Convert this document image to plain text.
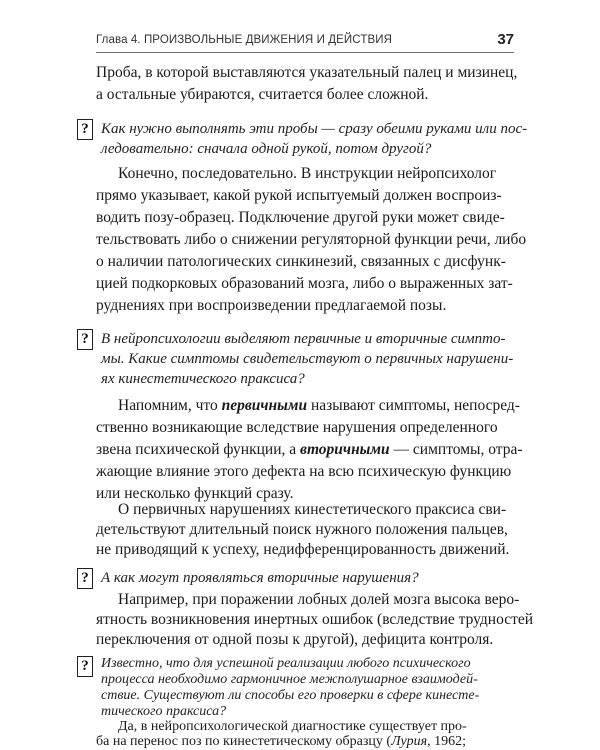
Глава 4. ПРОИЗВОЛЬНЫЕ ДВИЖЕНИЯ И ДЕЙСТВИЯ	37
Проба, в которой выставляются указательный палец и мизинец,
а остальные убираются, считается более сложной.
? Как нужно выполнять эти пробы — сразу обеими руками или пос-
ледовательно: сначала одной рукой, потом другой?
Конечно, последовательно. В инструкции нейропсихолог
прямо указывает, какой рукой испытуемый должен воспроиз-
водить позу-образец. Подключение другой руки может свиде-
тельствовать либо о снижении регуляторной функции речи, либо
о наличии патологических синкинезий, связанных с дисфунк-
цией подкорковых образований мозга, либо о выраженных зат-
руднениях при воспроизведении предлагаемой позы.
? В нейропсихологии выделяют первичные и вторичные симпто-
мы. Какие симптомы свидетельствуют о первичных нарушени-
ях кинестетического праксиса?
Напомним, что первичными называют симптомы, непосред-
ственно возникающие вследствие нарушения определенного
звена психической функции, а вторичными — симптомы, отра-
жающие влияние этого дефекта на всю психическую функцию
или несколько функций сразу.
О первичных нарушениях кинестетического праксиса сви-
детельствуют длительный поиск нужного положения пальцев,
не приводящий к успеху, недифференцированность движений.
? А как могут проявляться вторичные нарушения?
Например, при поражении лобных долей мозга высока веро-
ятность возникновения инертных ошибок (вследствие трудностей
переключения от одной позы к другой), дефицита контроля.
? Известно, что для успешной реализации любого психического
процесса необходимо гармоничное межполушарное взаимодей-
ствие. Существуют ли способы его проверки в сфере кинесте-
тического праксиса?
Да, в нейропсихологической диагностике существует про-
ба на перенос поз по кинестетическому образцу (Лурия, 1962;
